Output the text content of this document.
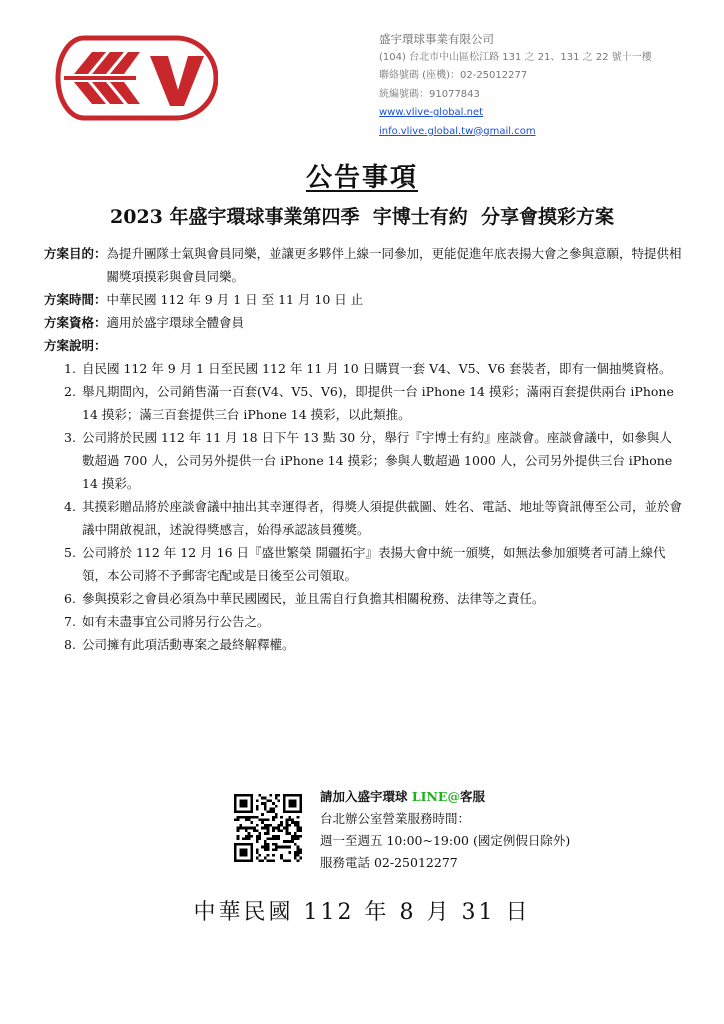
盛宇環球事業有限公司
(104) 台北市中山區松江路 131 之 21、131 之 22 號十一樓
聯絡號碼 (座機)：02-25012277
統編號碼：91077843
www.vlive-global.net
info.vlive.global.tw@gmail.com
公告事項
2023 年盛宇環球事業第四季  宇博士有約  分享會摸彩方案
方案目的： 為提升團隊士氣與會員同樂，並讓更多夥伴上線一同參加，更能促進年底表揚大會之參與意願，特提供相關獎項摸彩與會員同樂。
方案時間： 中華民國 112 年 9 月 1 日 至 11 月 10 日 止
方案資格： 適用於盛宇環球全體會員
方案說明：
1. 自民國 112 年 9 月 1 日至民國 112 年 11 月 10 日購買一套 V4、V5、V6 套裝者，即有一個抽獎資格。
2. 舉凡期間內，公司銷售滿一百套(V4、V5、V6)，即提供一台 iPhone 14 摸彩；滿兩百套提供兩台 iPhone 14 摸彩；滿三百套提供三台 iPhone 14 摸彩，以此類推。
3. 公司將於民國 112 年 11 月 18 日下午 13 點 30 分，舉行『宇博士有約』座談會。座談會議中，如參與人數超過 700 人，公司另外提供一台 iPhone 14 摸彩；參與人數超過 1000 人，公司另外提供三台 iPhone 14 摸彩。
4. 其摸彩贈品將於座談會議中抽出其幸運得者，得獎人須提供截圖、姓名、電話、地址等資訊傳至公司，並於會議中開啟視訊，述說得獎感言，始得承認該員獲獎。
5. 公司將於 112 年 12 月 16 日『盛世繁榮 開疆拓宇』表揚大會中統一頒獎，如無法參加頒獎者可請上線代領，本公司將不予郵寄宅配或是日後至公司領取。
6. 參與摸彩之會員必須為中華民國國民，並且需自行負擔其相關稅務、法律等之責任。
7. 如有未盡事宜公司將另行公告之。
8. 公司擁有此項活動專案之最終解釋權。
請加入盛宇環球 LINE@客服
台北辦公室營業服務時間：
週一至週五 10:00~19:00 (國定例假日除外)
服務電話 02-25012277
中華民國 112 年 8 月 31 日
